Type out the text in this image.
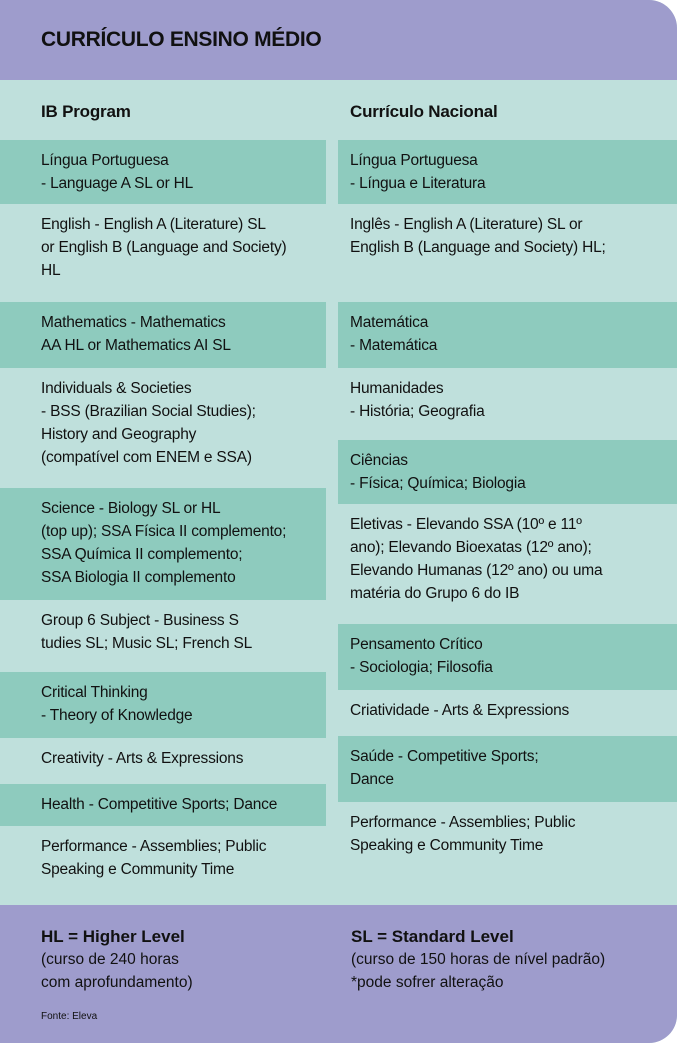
CURRÍCULO ENSINO MÉDIO
IB Program	Currículo Nacional
Língua Portuguesa
- Language A SL or HL
English - English A (Literature) SL
or English B (Language and Society)
HL
Mathematics - Mathematics
AA HL or Mathematics AI SL
Individuals & Societies
- BSS (Brazilian Social Studies);
History and Geography
(compatível com ENEM e SSA)
Science - Biology SL or HL
(top up); SSA Física II complemento;
SSA Química II complemento;
SSA Biologia II complemento
Group 6 Subject - Business S
tudies SL; Music SL; French SL
Critical Thinking
- Theory of Knowledge
Creativity - Arts & Expressions
Health - Competitive Sports; Dance
Performance - Assemblies; Public
Speaking e Community Time
Língua Portuguesa
- Língua e Literatura
Inglês - English A (Literature) SL or
English B (Language and Society) HL;
Matemática
- Matemática
Humanidades
- História; Geografia
Ciências
- Física; Química; Biologia
Eletivas - Elevando SSA (10º e 11º
ano); Elevando Bioexatas (12º ano);
Elevando Humanas (12º ano) ou uma
matéria do Grupo 6 do IB
Pensamento Crítico
- Sociologia; Filosofia
Criatividade - Arts & Expressions
Saúde - Competitive Sports;
Dance
Performance - Assemblies; Public
Speaking e Community Time
HL = Higher Level
(curso de 240 horas
com aprofundamento)
SL = Standard Level
(curso de 150 horas de nível padrão)
*pode sofrer alteração
Fonte: Eleva
